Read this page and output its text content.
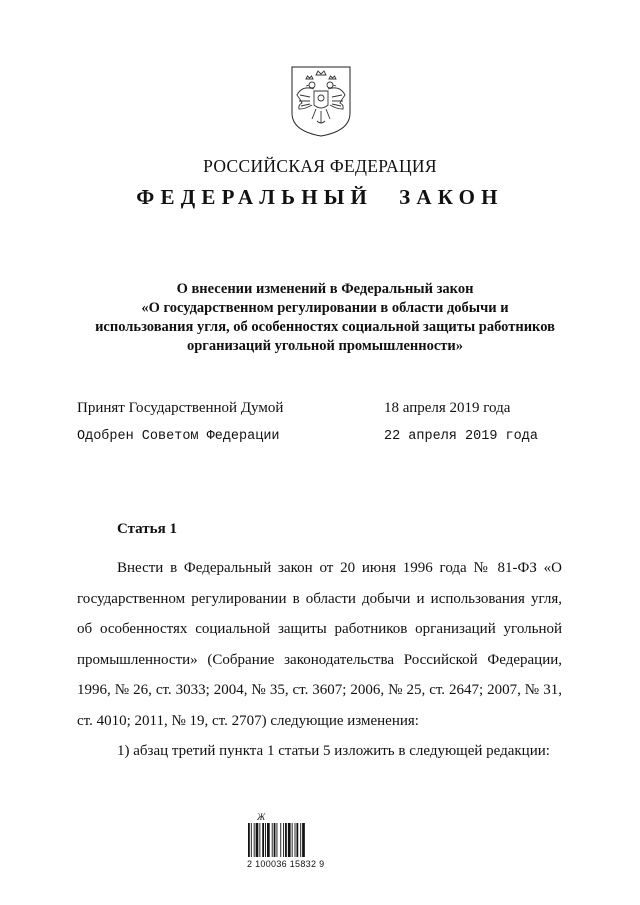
РОССИЙСКАЯ ФЕДЕРАЦИЯ
ФЕДЕРАЛЬНЫЙ ЗАКОН
О внесении изменений в Федеральный закон
«О государственном регулировании в области добычи и
использования угля, об особенностях социальной защиты работников
организаций угольной промышленности»
Принят Государственной Думой	18 апреля 2019 года
Одобрен Советом Федерации	22 апреля 2019 года
Статья 1

Внести в Федеральный закон от 20 июня 1996 года № 81-ФЗ «О государственном регулировании в области добычи и использования угля, об особенностях социальной защиты работников организаций угольной промышленности» (Собрание законодательства Российской Федерации, 1996, № 26, ст. 3033; 2004, № 35, ст. 3607; 2006, № 25, ст. 2647; 2007, № 31, ст. 4010; 2011, № 19, ст. 2707) следующие изменения:

1) абзац третий пункта 1 статьи 5 изложить в следующей редакции:

Ж
2 100036 15832 9
